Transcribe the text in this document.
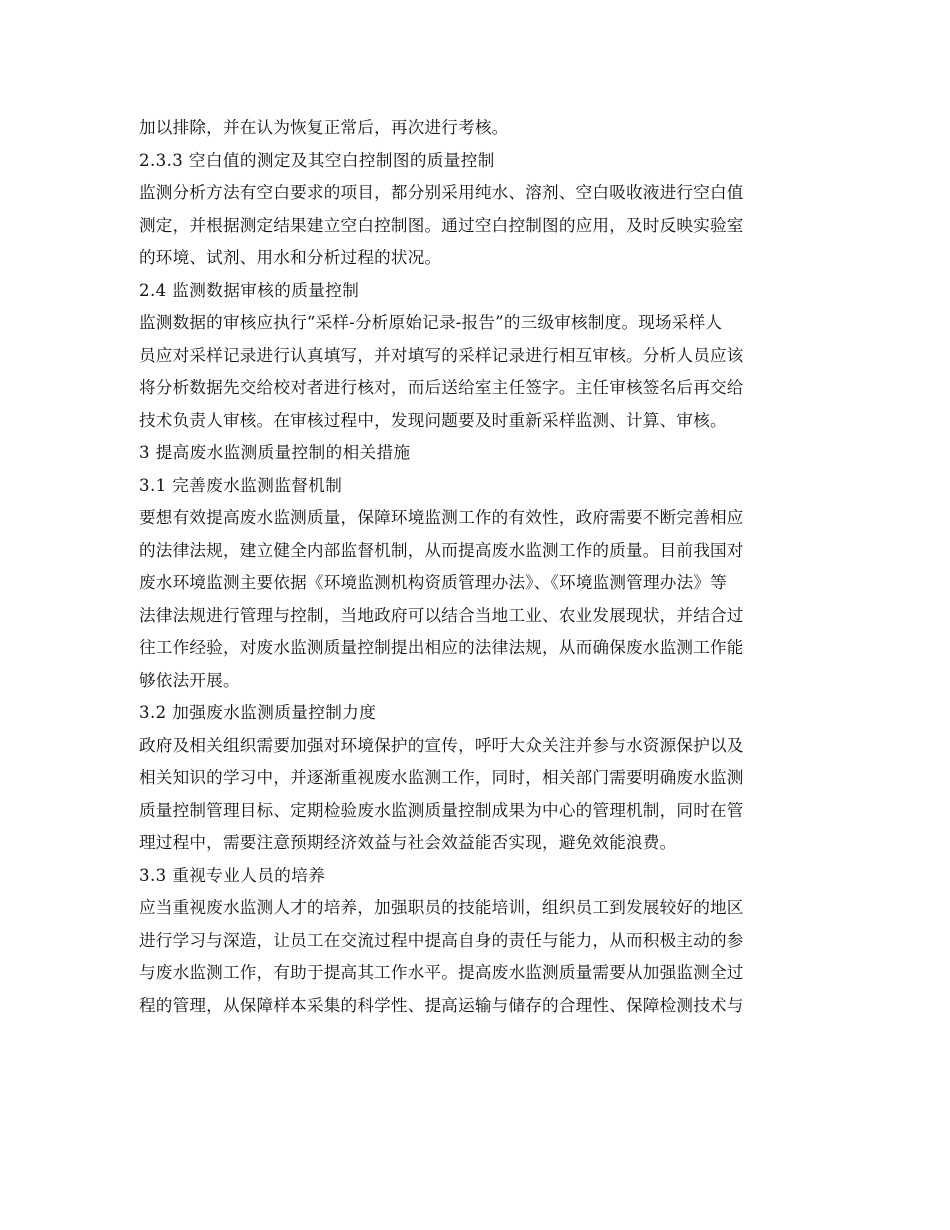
加以排除，并在认为恢复正常后，再次进行考核。
2.3.3 空白值的测定及其空白控制图的质量控制
监测分析方法有空白要求的项目，都分别采用纯水、溶剂、空白吸收液进行空白值
测定，并根据测定结果建立空白控制图。通过空白控制图的应用，及时反映实验室
的环境、试剂、用水和分析过程的状况。
2.4 监测数据审核的质量控制
监测数据的审核应执行“采样-分析原始记录-报告”的三级审核制度。现场采样人
员应对采样记录进行认真填写，并对填写的采样记录进行相互审核。分析人员应该
将分析数据先交给校对者进行核对，而后送给室主任签字。主任审核签名后再交给
技术负责人审核。在审核过程中，发现问题要及时重新采样监测、计算、审核。
3 提高废水监测质量控制的相关措施
3.1 完善废水监测监督机制
要想有效提高废水监测质量，保障环境监测工作的有效性，政府需要不断完善相应
的法律法规，建立健全内部监督机制，从而提高废水监测工作的质量。目前我国对
废水环境监测主要依据《环境监测机构资质管理办法》、《环境监测管理办法》等
法律法规进行管理与控制，当地政府可以结合当地工业、农业发展现状，并结合过
往工作经验，对废水监测质量控制提出相应的法律法规，从而确保废水监测工作能
够依法开展。
3.2 加强废水监测质量控制力度
政府及相关组织需要加强对环境保护的宣传，呼吁大众关注并参与水资源保护以及
相关知识的学习中，并逐渐重视废水监测工作，同时，相关部门需要明确废水监测
质量控制管理目标、定期检验废水监测质量控制成果为中心的管理机制，同时在管
理过程中，需要注意预期经济效益与社会效益能否实现，避免效能浪费。
3.3 重视专业人员的培养
应当重视废水监测人才的培养，加强职员的技能培训，组织员工到发展较好的地区
进行学习与深造，让员工在交流过程中提高自身的责任与能力，从而积极主动的参
与废水监测工作，有助于提高其工作水平。提高废水监测质量需要从加强监测全过
程的管理，从保障样本采集的科学性、提高运输与储存的合理性、保障检测技术与
